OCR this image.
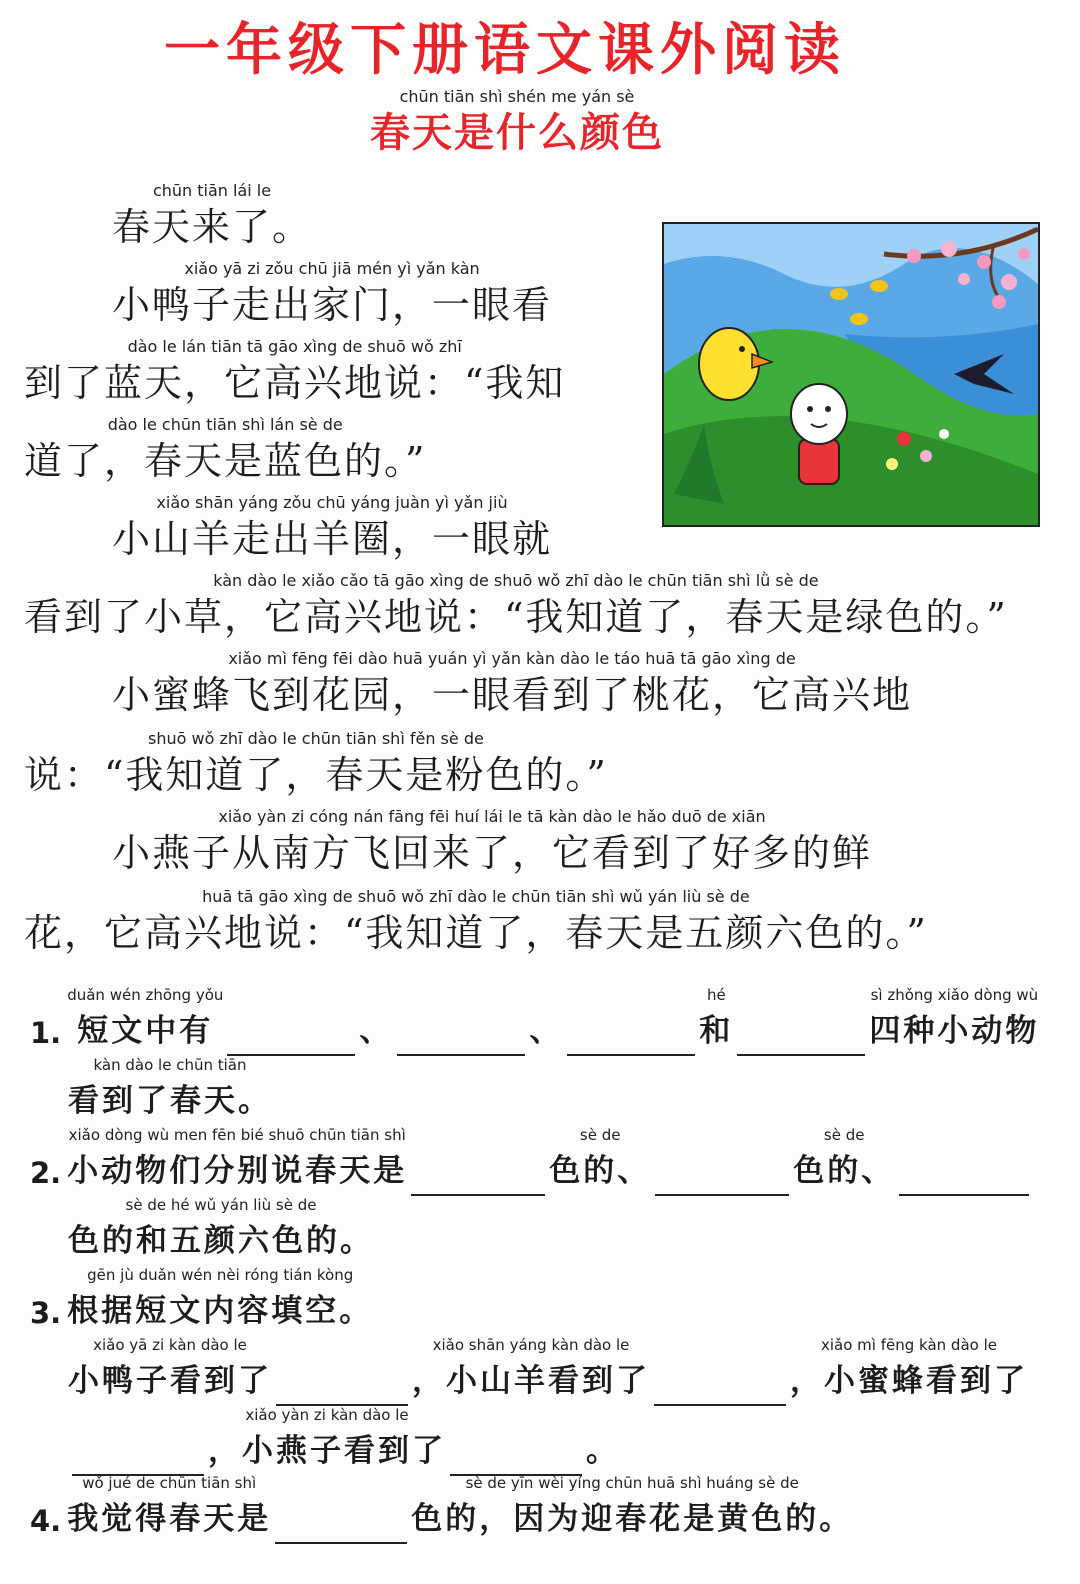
一年级下册语文课外阅读
chūn tiān shì shén me yán sè
春天是什么颜色
chūn tiān lái le
春天来了。
xiǎo yā zi zǒu chū jiā mén yì yǎn kàn
小鸭子走出家门，一眼看
dào le lán tiān tā gāo xìng de shuō wǒ zhī
到了蓝天，它高兴地说：“我知
dào le chūn tiān shì lán sè de
道了，春天是蓝色的。”
xiǎo shān yáng zǒu chū yáng juàn yì yǎn jiù
小山羊走出羊圈，一眼就
kàn dào le xiǎo cǎo tā gāo xìng de shuō wǒ zhī dào le chūn tiān shì lǜ sè de
看到了小草，它高兴地说：“我知道了，春天是绿色的。”
xiǎo mì fēng fēi dào huā yuán yì yǎn kàn dào le táo huā tā gāo xìng de
小蜜蜂飞到花园，一眼看到了桃花，它高兴地
shuō wǒ zhī dào le chūn tiān shì fěn sè de
说：“我知道了，春天是粉色的。”
xiǎo yàn zi cóng nán fāng fēi huí lái le tā kàn dào le hǎo duō de xiān
小燕子从南方飞回来了，它看到了好多的鲜
huā tā gāo xìng de shuō wǒ zhī dào le chūn tiān shì wǔ yán liù sè de
花，它高兴地说：“我知道了，春天是五颜六色的。”
1.
duǎn wén zhōng yǒu
短文中有	、	、
hé
和
sì zhǒng xiǎo dòng wù
四种小动物
kàn dào le chūn tiān
看到了春天。
2.
xiǎo dòng wù men fēn bié shuō chūn tiān shì
小动物们分别说春天是
sè de
色的、
sè de
色的、
sè de hé wǔ yán liù sè de
色的和五颜六色的。
3.
gēn jù duǎn wén nèi róng tián kòng
根据短文内容填空。
xiǎo yā zi kàn dào le
小鸭子看到了
xiǎo shān yáng kàn dào le
，小山羊看到了
xiǎo mì fēng kàn dào le
，小蜜蜂看到了
xiǎo yàn zi kàn dào le
，小燕子看到了	。
4.
wǒ jué de chūn tiān shì
我觉得春天是
sè de yīn wèi yíng chūn huā shì huáng sè de
色的，因为迎春花是黄色的。
